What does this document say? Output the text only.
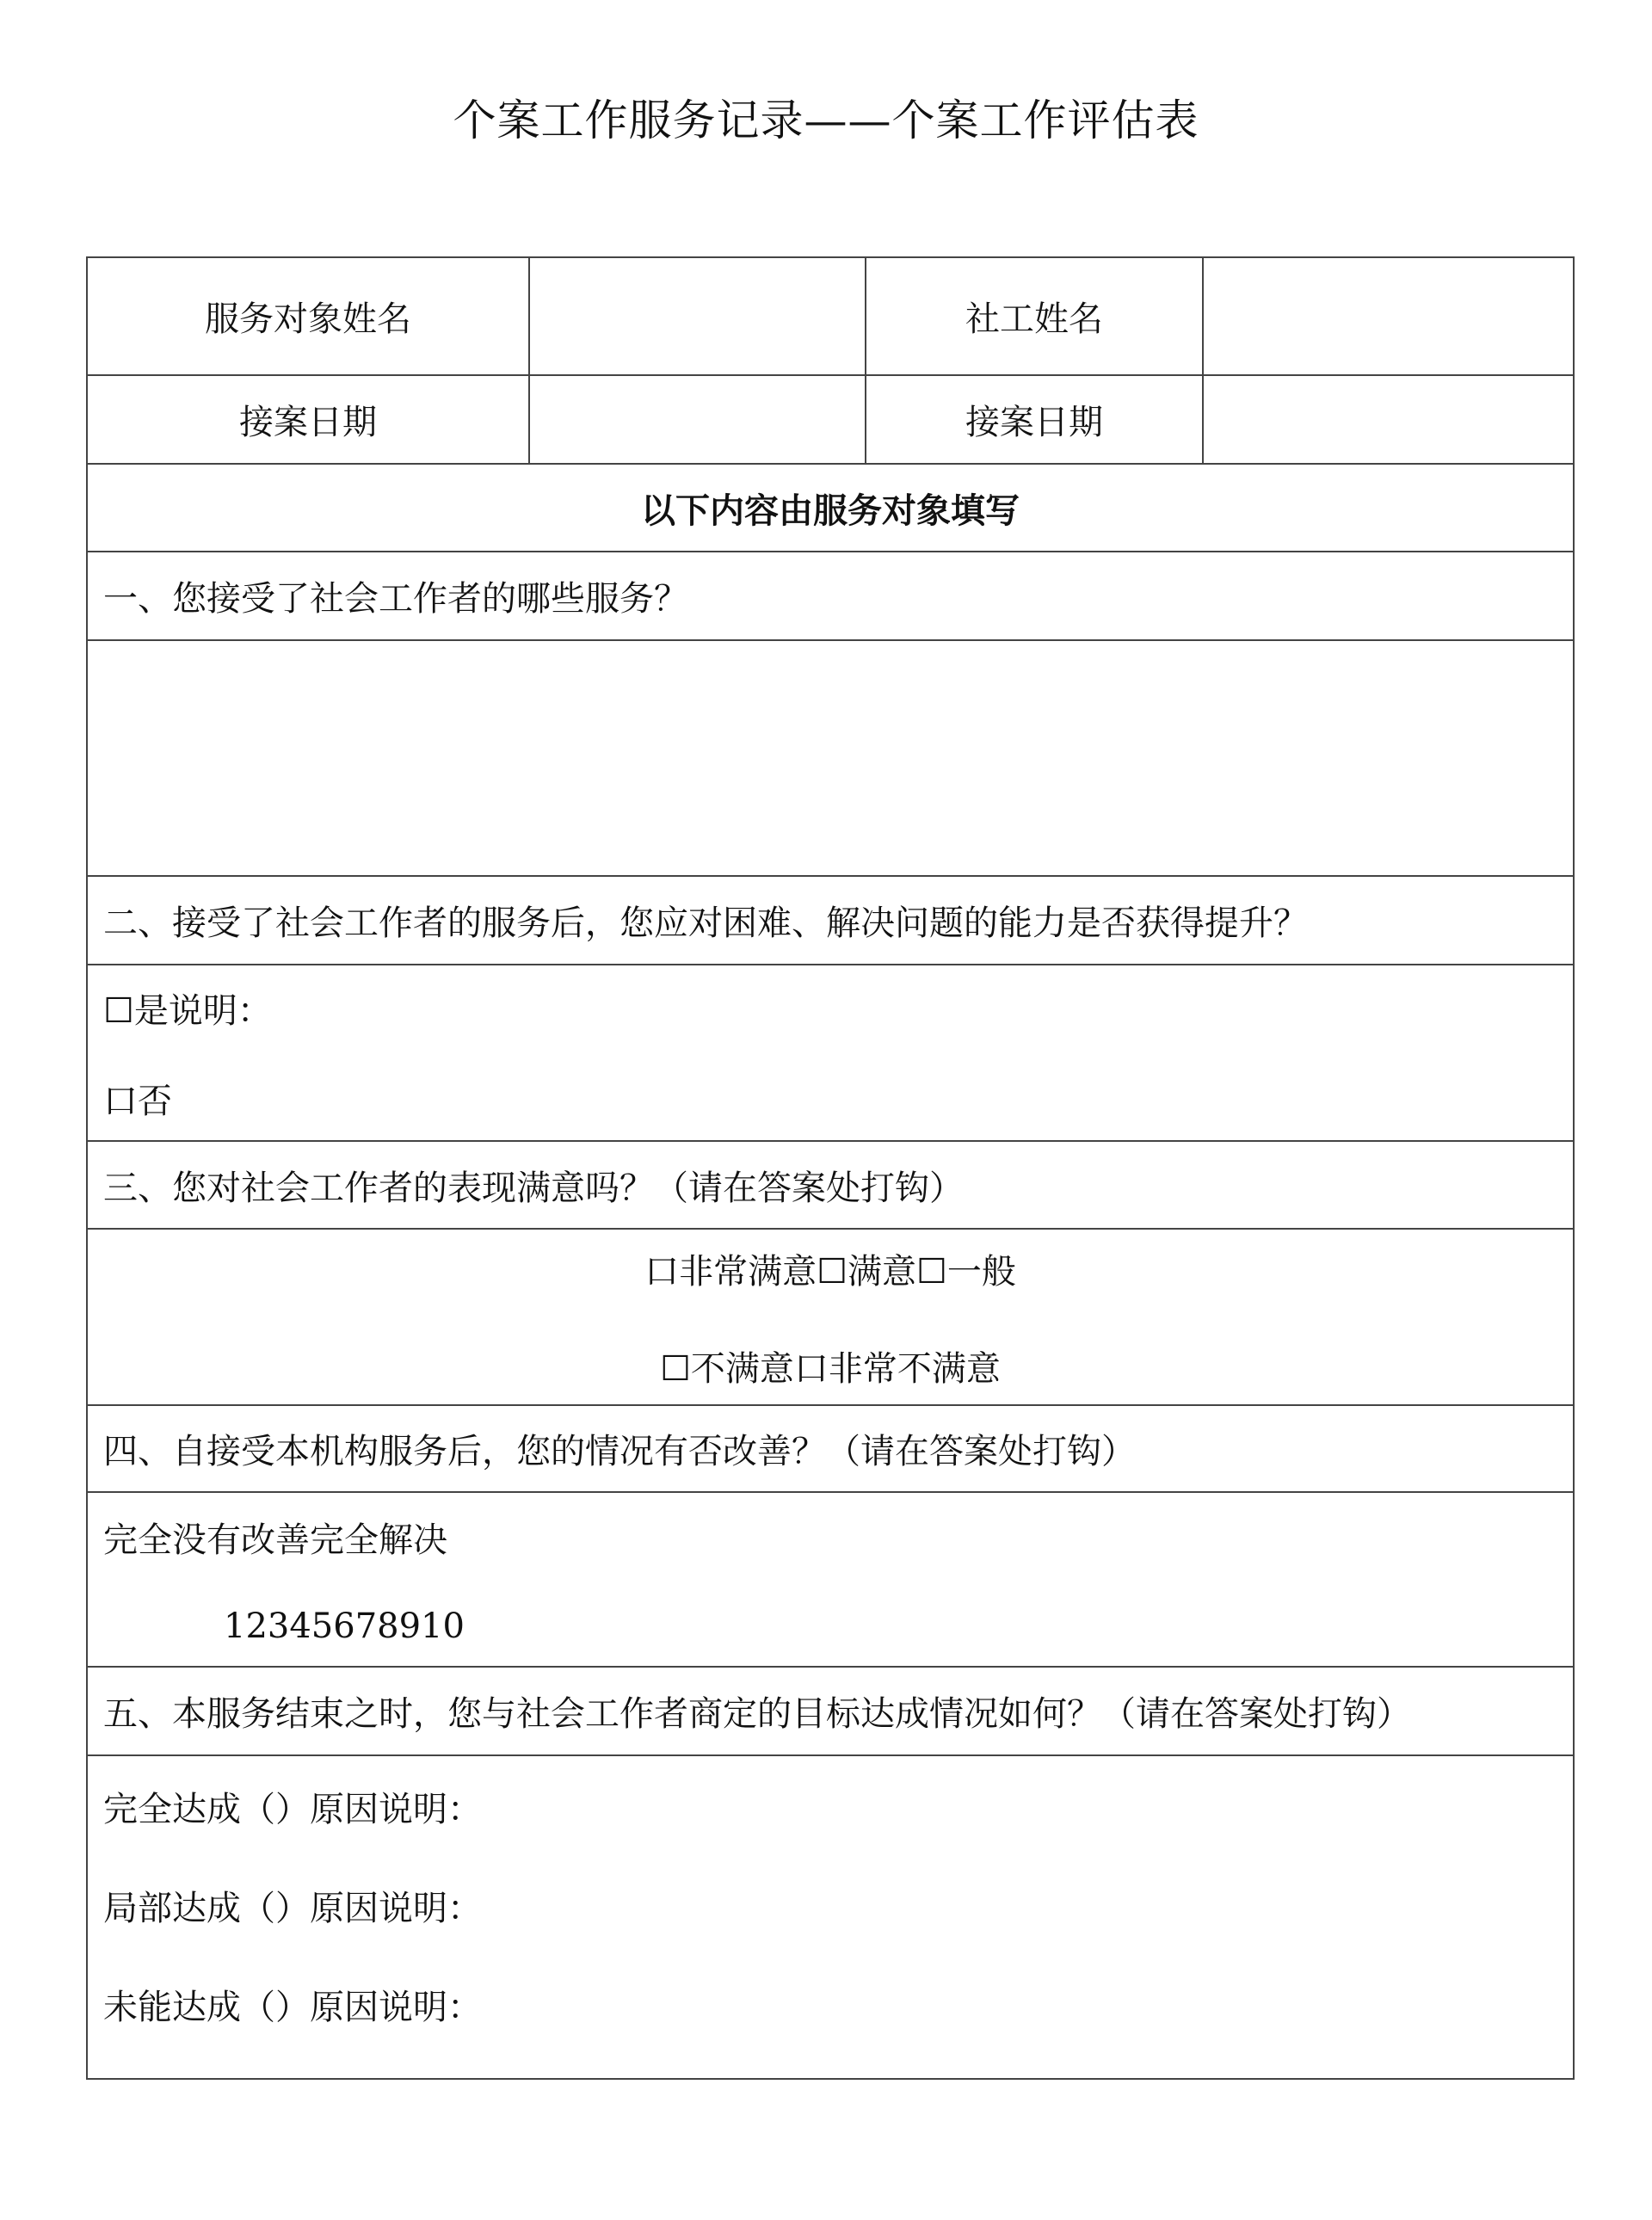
个案工作服务记录——个案工作评估表
服务对象姓名		社工姓名	
接案日期		接案日期	
以下内容由服务对象填写			
一、您接受了社会工作者的哪些服务？			

二、接受了社会工作者的服务后，您应对困难、解决问题的能力是否获得提升？			

☐是说明：
口否			

三、您对社会工作者的表现满意吗？（请在答案处打钩）			

口非常满意☐满意☐一般
☐不满意口非常不满意			

四、自接受本机构服务后，您的情况有否改善？（请在答案处打钩）			

完全没有改善完全解决
12345678910			

五、本服务结束之时，您与社会工作者商定的目标达成情况如何？（请在答案处打钩）			

完全达成（）原因说明：
局部达成（）原因说明：
未能达成（）原因说明：			
